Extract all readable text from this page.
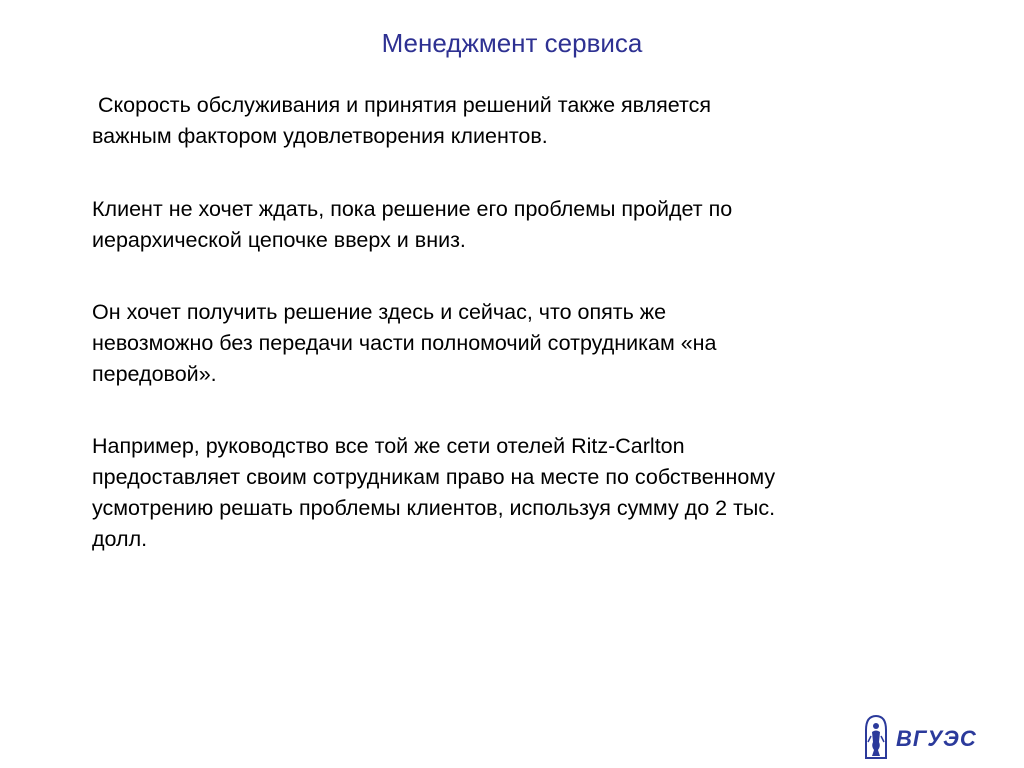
Менеджмент сервиса

Скорость обслуживания и принятия решений также является
важным фактором удовлетворения клиентов.

Клиент не хочет ждать, пока решение его проблемы пройдет по
иерархической цепочке вверх и вниз.

Он хочет получить решение здесь и сейчас, что опять же
невозможно без передачи части полномочий сотрудникам «на
передовой».

Например, руководство все той же сети отелей Ritz-Carlton
предоставляет своим сотрудникам право на месте по собственному
усмотрению решать проблемы клиентов, используя сумму до 2 тыс.
долл.

ВГУЭС
